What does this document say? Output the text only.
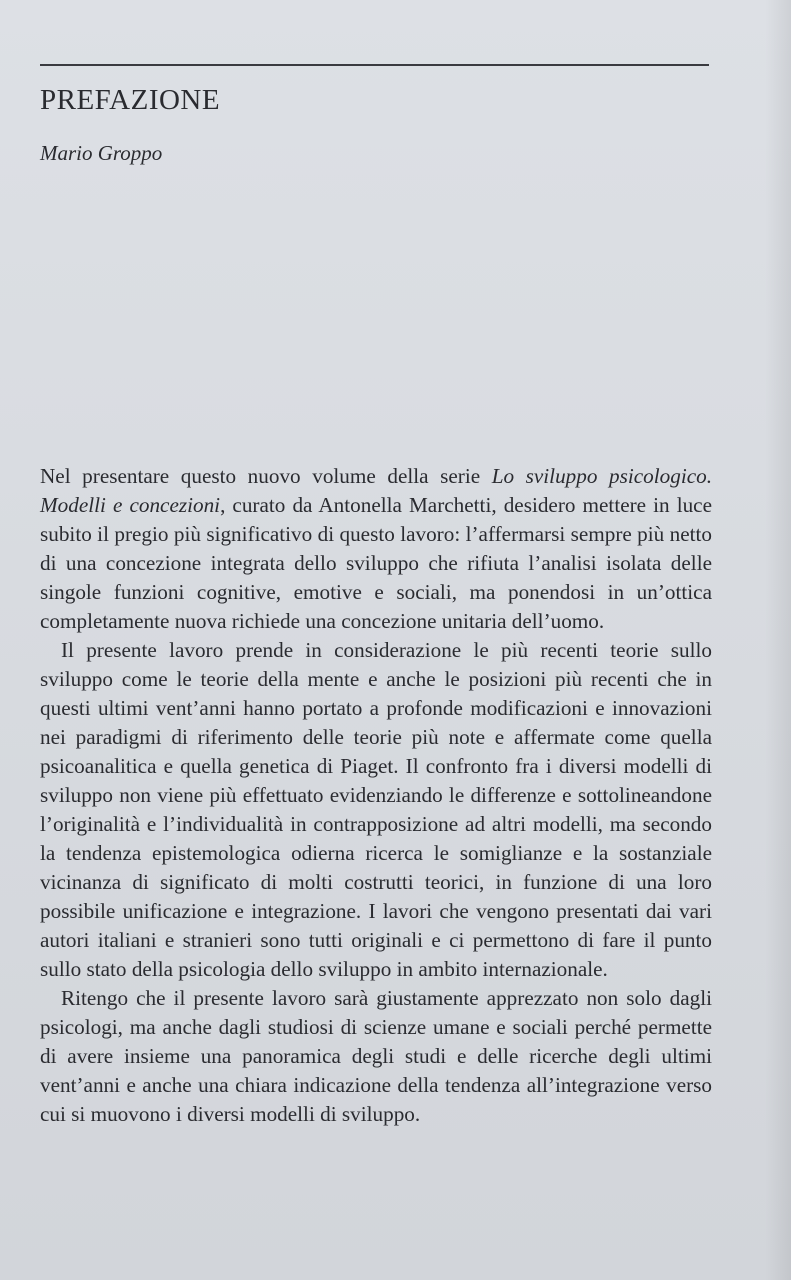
PREFAZIONE

Mario Groppo

Nel presentare questo nuovo volume della serie Lo sviluppo psicologico. Modelli e concezioni, curato da Antonella Marchetti, desidero mettere in luce subito il pregio più significativo di questo lavoro: l’affermarsi sempre più netto di una concezione integrata dello sviluppo che rifiuta l’analisi isolata delle singole funzioni cognitive, emotive e sociali, ma ponendosi in un’ottica completamente nuova richiede una concezione unitaria dell’uomo.

Il presente lavoro prende in considerazione le più recenti teorie sullo sviluppo come le teorie della mente e anche le posizioni più recenti che in questi ultimi vent’anni hanno portato a profonde modificazioni e innovazioni nei paradigmi di riferimento delle teorie più note e affermate come quella psicoanalitica e quella genetica di Piaget. Il confronto fra i diversi modelli di sviluppo non viene più effettuato evidenziando le differenze e sottolineandone l’originalità e l’individualità in contrapposizione ad altri modelli, ma secondo la tendenza epistemologica odierna ricerca le somiglianze e la sostanziale vicinanza di significato di molti costrutti teorici, in funzione di una loro possibile unificazione e integrazione. I lavori che vengono presentati dai vari autori italiani e stranieri sono tutti originali e ci permettono di fare il punto sullo stato della psicologia dello sviluppo in ambito internazionale.

Ritengo che il presente lavoro sarà giustamente apprezzato non solo dagli psicologi, ma anche dagli studiosi di scienze umane e sociali perché permette di avere insieme una panoramica degli studi e delle ricerche degli ultimi vent’anni e anche una chiara indicazione della tendenza all’integrazione verso cui si muovono i diversi modelli di sviluppo.
